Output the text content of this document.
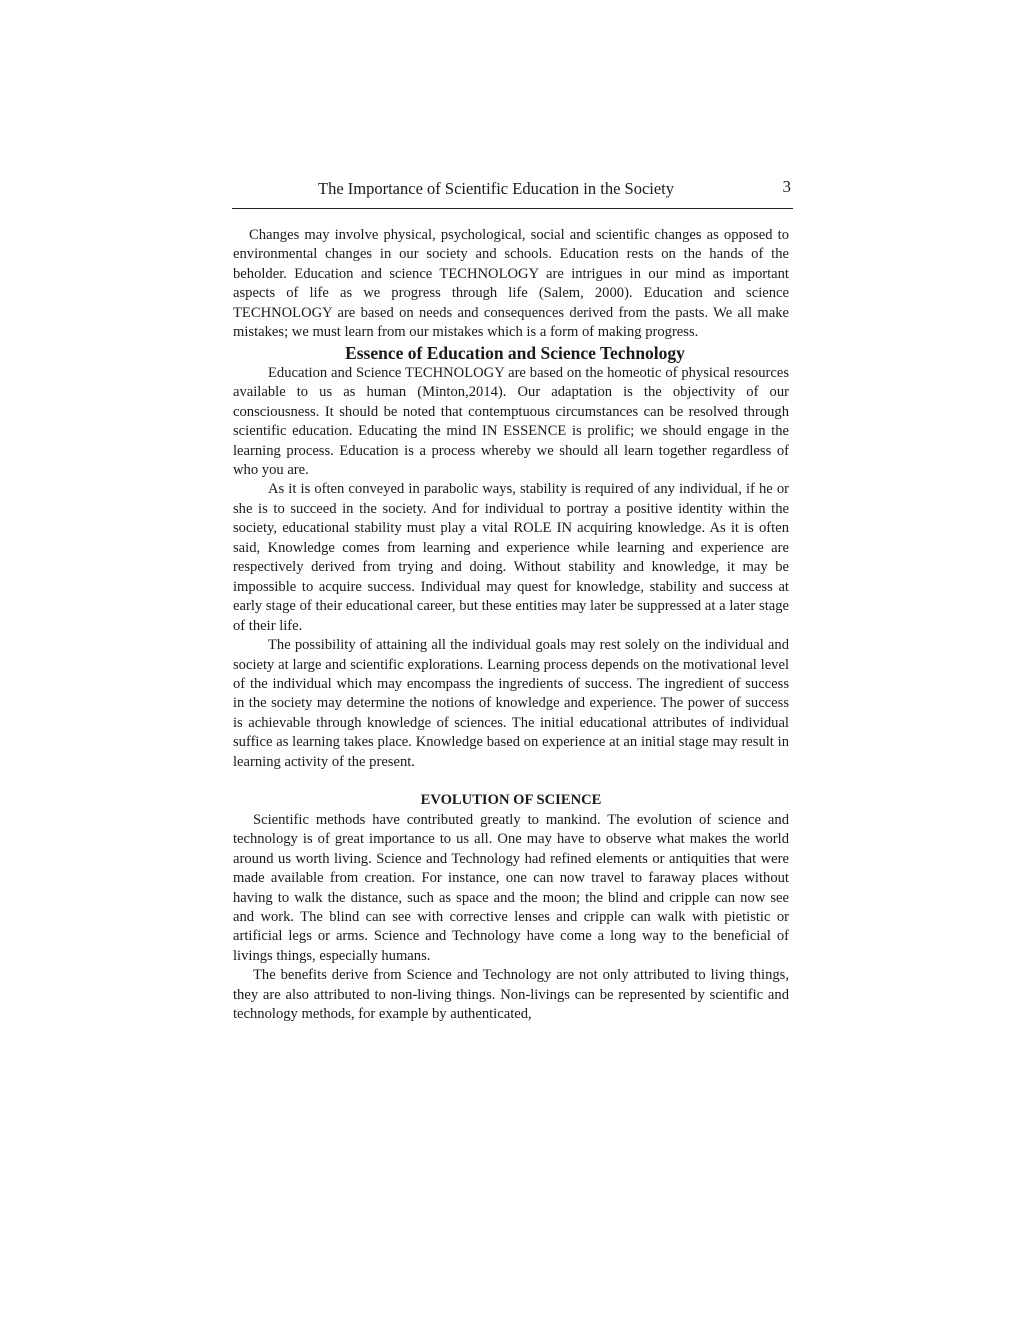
The Importance of Scientific Education in the Society	3

Changes may involve physical, psychological, social and scientific changes as opposed to environmental changes in our society and schools. Education rests on the hands of the beholder. Education and science TECHNOLOGY are intrigues in our mind as important aspects of life as we progress through life (Salem, 2000). Education and science TECHNOLOGY are based on needs and consequences derived from the pasts. We all make mistakes; we must learn from our mistakes which is a form of making progress.

Essence of Education and Science Technology

Education and Science TECHNOLOGY are based on the homeotic of physical resources available to us as human (Minton,2014). Our adaptation is the objectivity of our consciousness. It should be noted that contemptuous circumstances can be resolved through scientific education. Educating the mind IN ESSENCE is prolific; we should engage in the learning process. Education is a process whereby we should all learn together regardless of who you are.

As it is often conveyed in parabolic ways, stability is required of any individual, if he or she is to succeed in the society. And for individual to portray a positive identity within the society, educational stability must play a vital ROLE IN acquiring knowledge. As it is often said, Knowledge comes from learning and experience while learning and experience are respectively derived from trying and doing. Without stability and knowledge, it may be impossible to acquire success. Individual may quest for knowledge, stability and success at early stage of their educational career, but these entities may later be suppressed at a later stage of their life.

The possibility of attaining all the individual goals may rest solely on the individual and society at large and scientific explorations. Learning process depends on the motivational level of the individual which may encompass the ingredients of success. The ingredient of success in the society may determine the notions of knowledge and experience. The power of success is achievable through knowledge of sciences. The initial educational attributes of individual suffice as learning takes place. Knowledge based on experience at an initial stage may result in learning activity of the present.

EVOLUTION OF SCIENCE

Scientific methods have contributed greatly to mankind. The evolution of science and technology is of great importance to us all. One may have to observe what makes the world around us worth living. Science and Technology had refined elements or antiquities that were made available from creation. For instance, one can now travel to faraway places without having to walk the distance, such as space and the moon; the blind and cripple can now see and work. The blind can see with corrective lenses and cripple can walk with pietistic or artificial legs or arms. Science and Technology have come a long way to the beneficial of livings things, especially humans.

The benefits derive from Science and Technology are not only attributed to living things, they are also attributed to non-living things. Non-livings can be represented by scientific and technology methods, for example by authenticated,
